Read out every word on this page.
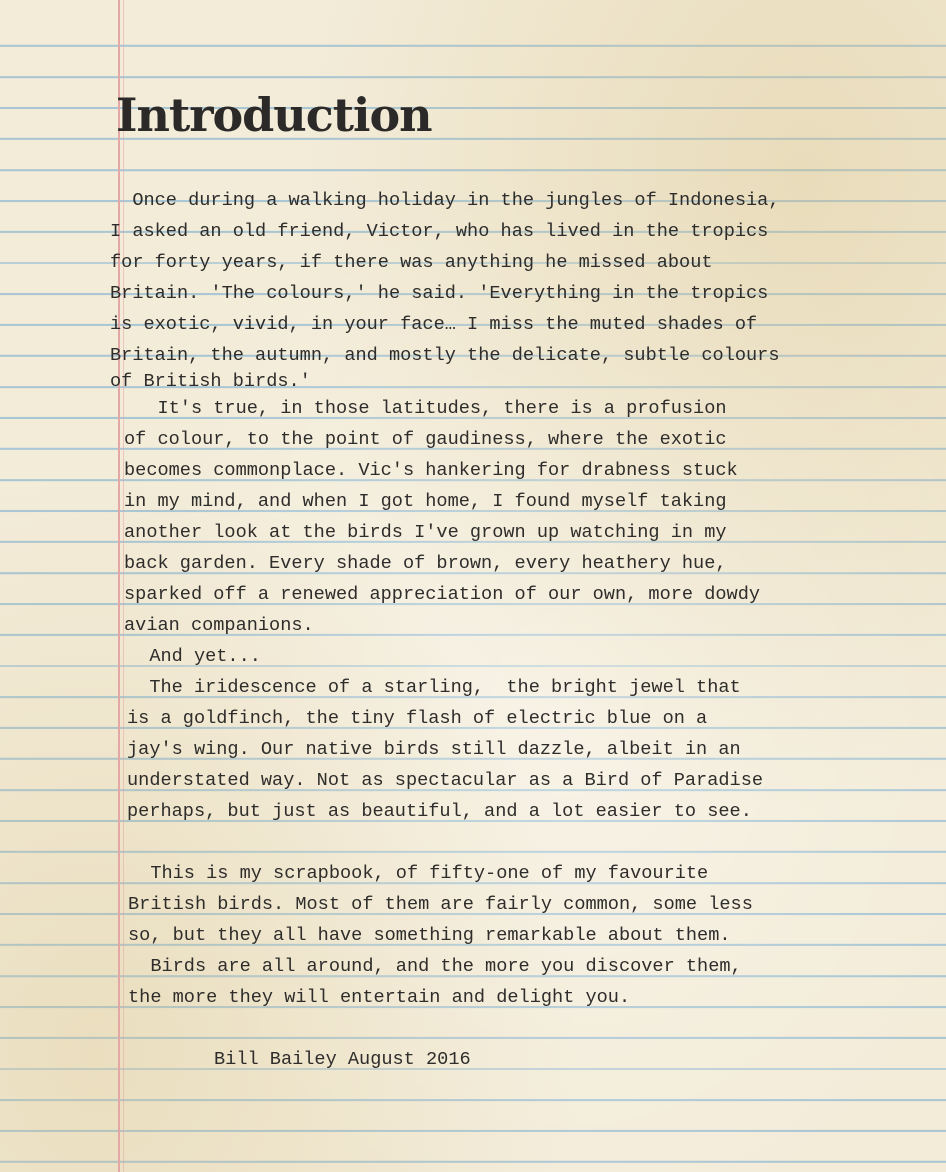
Introduction
Once during a walking holiday in the jungles of Indonesia,
I asked an old friend, Victor, who has lived in the tropics
for forty years, if there was anything he missed about
Britain. 'The colours,' he said. 'Everything in the tropics
is exotic, vivid, in your face… I miss the muted shades of
Britain, the autumn, and mostly the delicate, subtle colours
of British birds.'
It's true, in those latitudes, there is a profusion
of colour, to the point of gaudiness, where the exotic
becomes commonplace. Vic's hankering for drabness stuck
in my mind, and when I got home, I found myself taking
another look at the birds I've grown up watching in my
back garden. Every shade of brown, every heathery hue,
sparked off a renewed appreciation of our own, more dowdy
avian companions.
And yet...
The iridescence of a starling,  the bright jewel that
is a goldfinch, the tiny flash of electric blue on a
jay's wing. Our native birds still dazzle, albeit in an
understated way. Not as spectacular as a Bird of Paradise
perhaps, but just as beautiful, and a lot easier to see.
This is my scrapbook, of fifty-one of my favourite
British birds. Most of them are fairly common, some less
so, but they all have something remarkable about them.
Birds are all around, and the more you discover them,
the more they will entertain and delight you.
Bill Bailey August 2016
